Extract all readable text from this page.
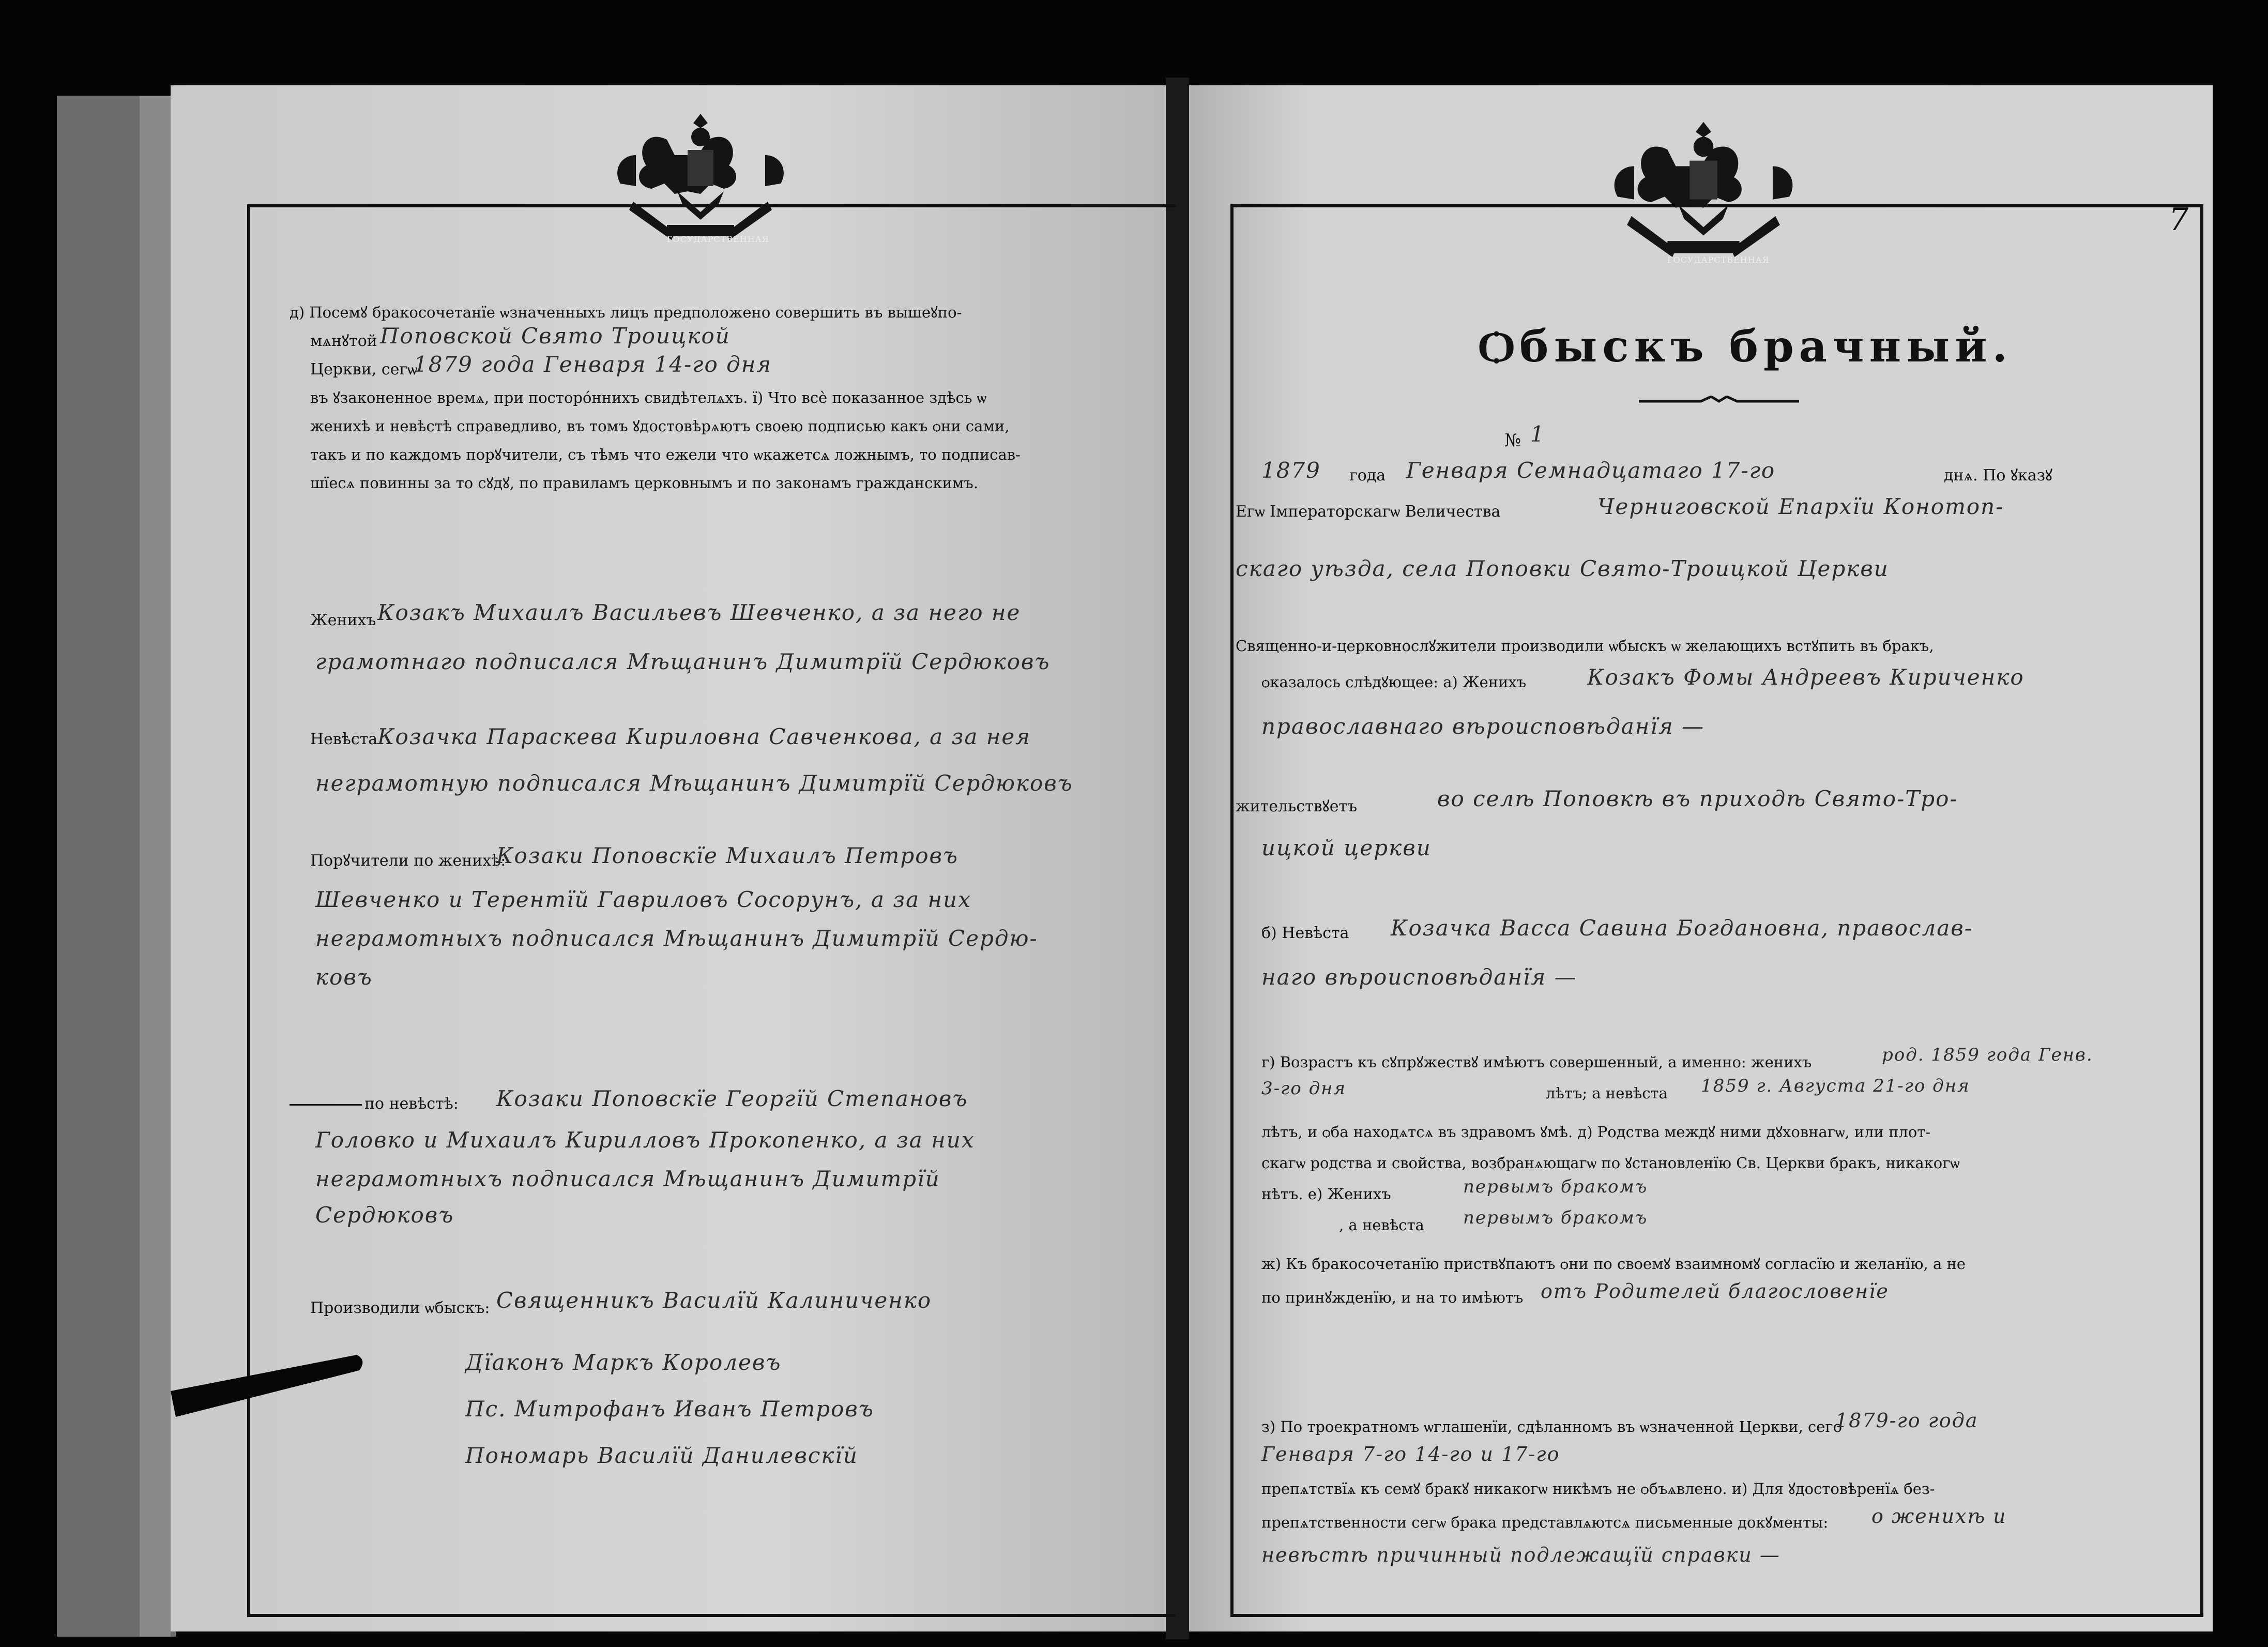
ГОСУДАРСТВЕННАЯ
ГОСУДАРСТВЕННАЯ
д) Посемꙋ бракосочетанїе ѡзначенныхъ лицъ предположено совершить въ вышеꙋпо-
мѧнꙋтой Поповской Свято Троицкой
Церкви, сегѡ
1879 года Генваря 14-го дня
въ ꙋзаконенное времѧ, при посторо́ннихъ свидѣтелѧхъ. ї) Что всѐ показанное здѣсь ѡ
женихѣ и невѣстѣ справедливо, въ томъ ꙋдостовѣрѧютъ своею подписью какъ ѻни сами,
такъ и по каждомъ порꙋчители, съ тѣмъ что ежели что ѡкажетсѧ ложнымъ, то подписав-
шїесѧ повинны за то сꙋдꙋ, по правиламъ церковнымъ и по законамъ гражданскимъ.
Женихъ Козакъ Михаилъ Васильевъ Шевченко, а за него не
грамотнаго подписался Мѣщанинъ Димитрїй Сердюковъ
Невѣста Козачка Параскева Кириловна Савченкова, а за нея
неграмотную подписался Мѣщанинъ Димитрїй Сердюковъ
Порꙋчители по женихѣ:
Козаки Поповскїе Михаилъ Петровъ
Шевченко и Терентїй Гавриловъ Сосорунъ, а за них
неграмотныхъ подписался Мѣщанинъ Димитрїй Сердю-
ковъ
по невѣстѣ: Козаки Поповскїе Георгїй Степановъ
Головко и Михаилъ Кирилловъ Прокопенко, а за них
неграмотныхъ подписался Мѣщанинъ Димитрїй
Сердюковъ
Производили ѡбыскъ: Священникъ Василїй Калиниченко
Дїаконъ Маркъ Королевъ
Пс. Митрофанъ Иванъ Петровъ
Пономарь Василїй Данилевскїй
7
Ѻбыскъ брачный.
№ 1
1879 года Генваря Семнадцатаго 17-го	днѧ. По ꙋказꙋ
Егѡ Імператорскагѡ Величества	Черниговской Епархїи Конотоп-
скаго уѣзда, села Поповки Свято-Троицкой Церкви
Священно-и-церковнослꙋжители производили ѡбыскъ ѡ желающихъ встꙋпить въ бракъ,
ѻказалось слѣдꙋющее: а) Женихъ	Козакъ Фомы Андреевъ Кириченко
православнаго вѣроисповѣданїя —
жительствꙋетъ	во селѣ Поповкѣ въ приходѣ Свято-Тро-
ицкой церкви
б) Невѣста Козачка Васса Савина Богдановна, православ-
наго вѣроисповѣданїя —
г) Возрастъ къ сꙋпрꙋжествꙋ имѣютъ совершенный, а именно: женихъ	род. 1859 года Генв.
3-го дня	лѣтъ; а невѣста 1859 г. Августа 21-го дня
лѣтъ, и ѻба находѧтсѧ въ здравомъ ꙋмѣ. д) Родства междꙋ ними дꙋховнагѡ, или плот-
скагѡ родства и свойства, возбранѧющагѡ по ꙋстановленїю Св. Церкви бракъ, никакогѡ
нѣтъ. е) Женихъ	первымъ бракомъ
, а невѣста первымъ бракомъ
ж) Къ бракосочетанїю приствꙋпаютъ ѻни по своемꙋ взаимномꙋ соглаcїю и желанїю, а не
по принꙋжденїю, и на то имѣютъ отъ Родителей благословенїе
з) По троекратномъ ѡглашенїи, сдѣланномъ въ ѡзначенной Церкви, сего
1879-го года
Генваря 7-го 14-го и 17-го
препѧтствїѧ къ семꙋ бракꙋ никакогѡ никѣмъ не ѻбъѧвлено. и) Для ꙋдостовѣренїѧ без-
препѧтственности сегѡ брака представлѧютсѧ письменные докꙋменты: о женихѣ и
невѣстѣ причинный подлежащїй справки —
